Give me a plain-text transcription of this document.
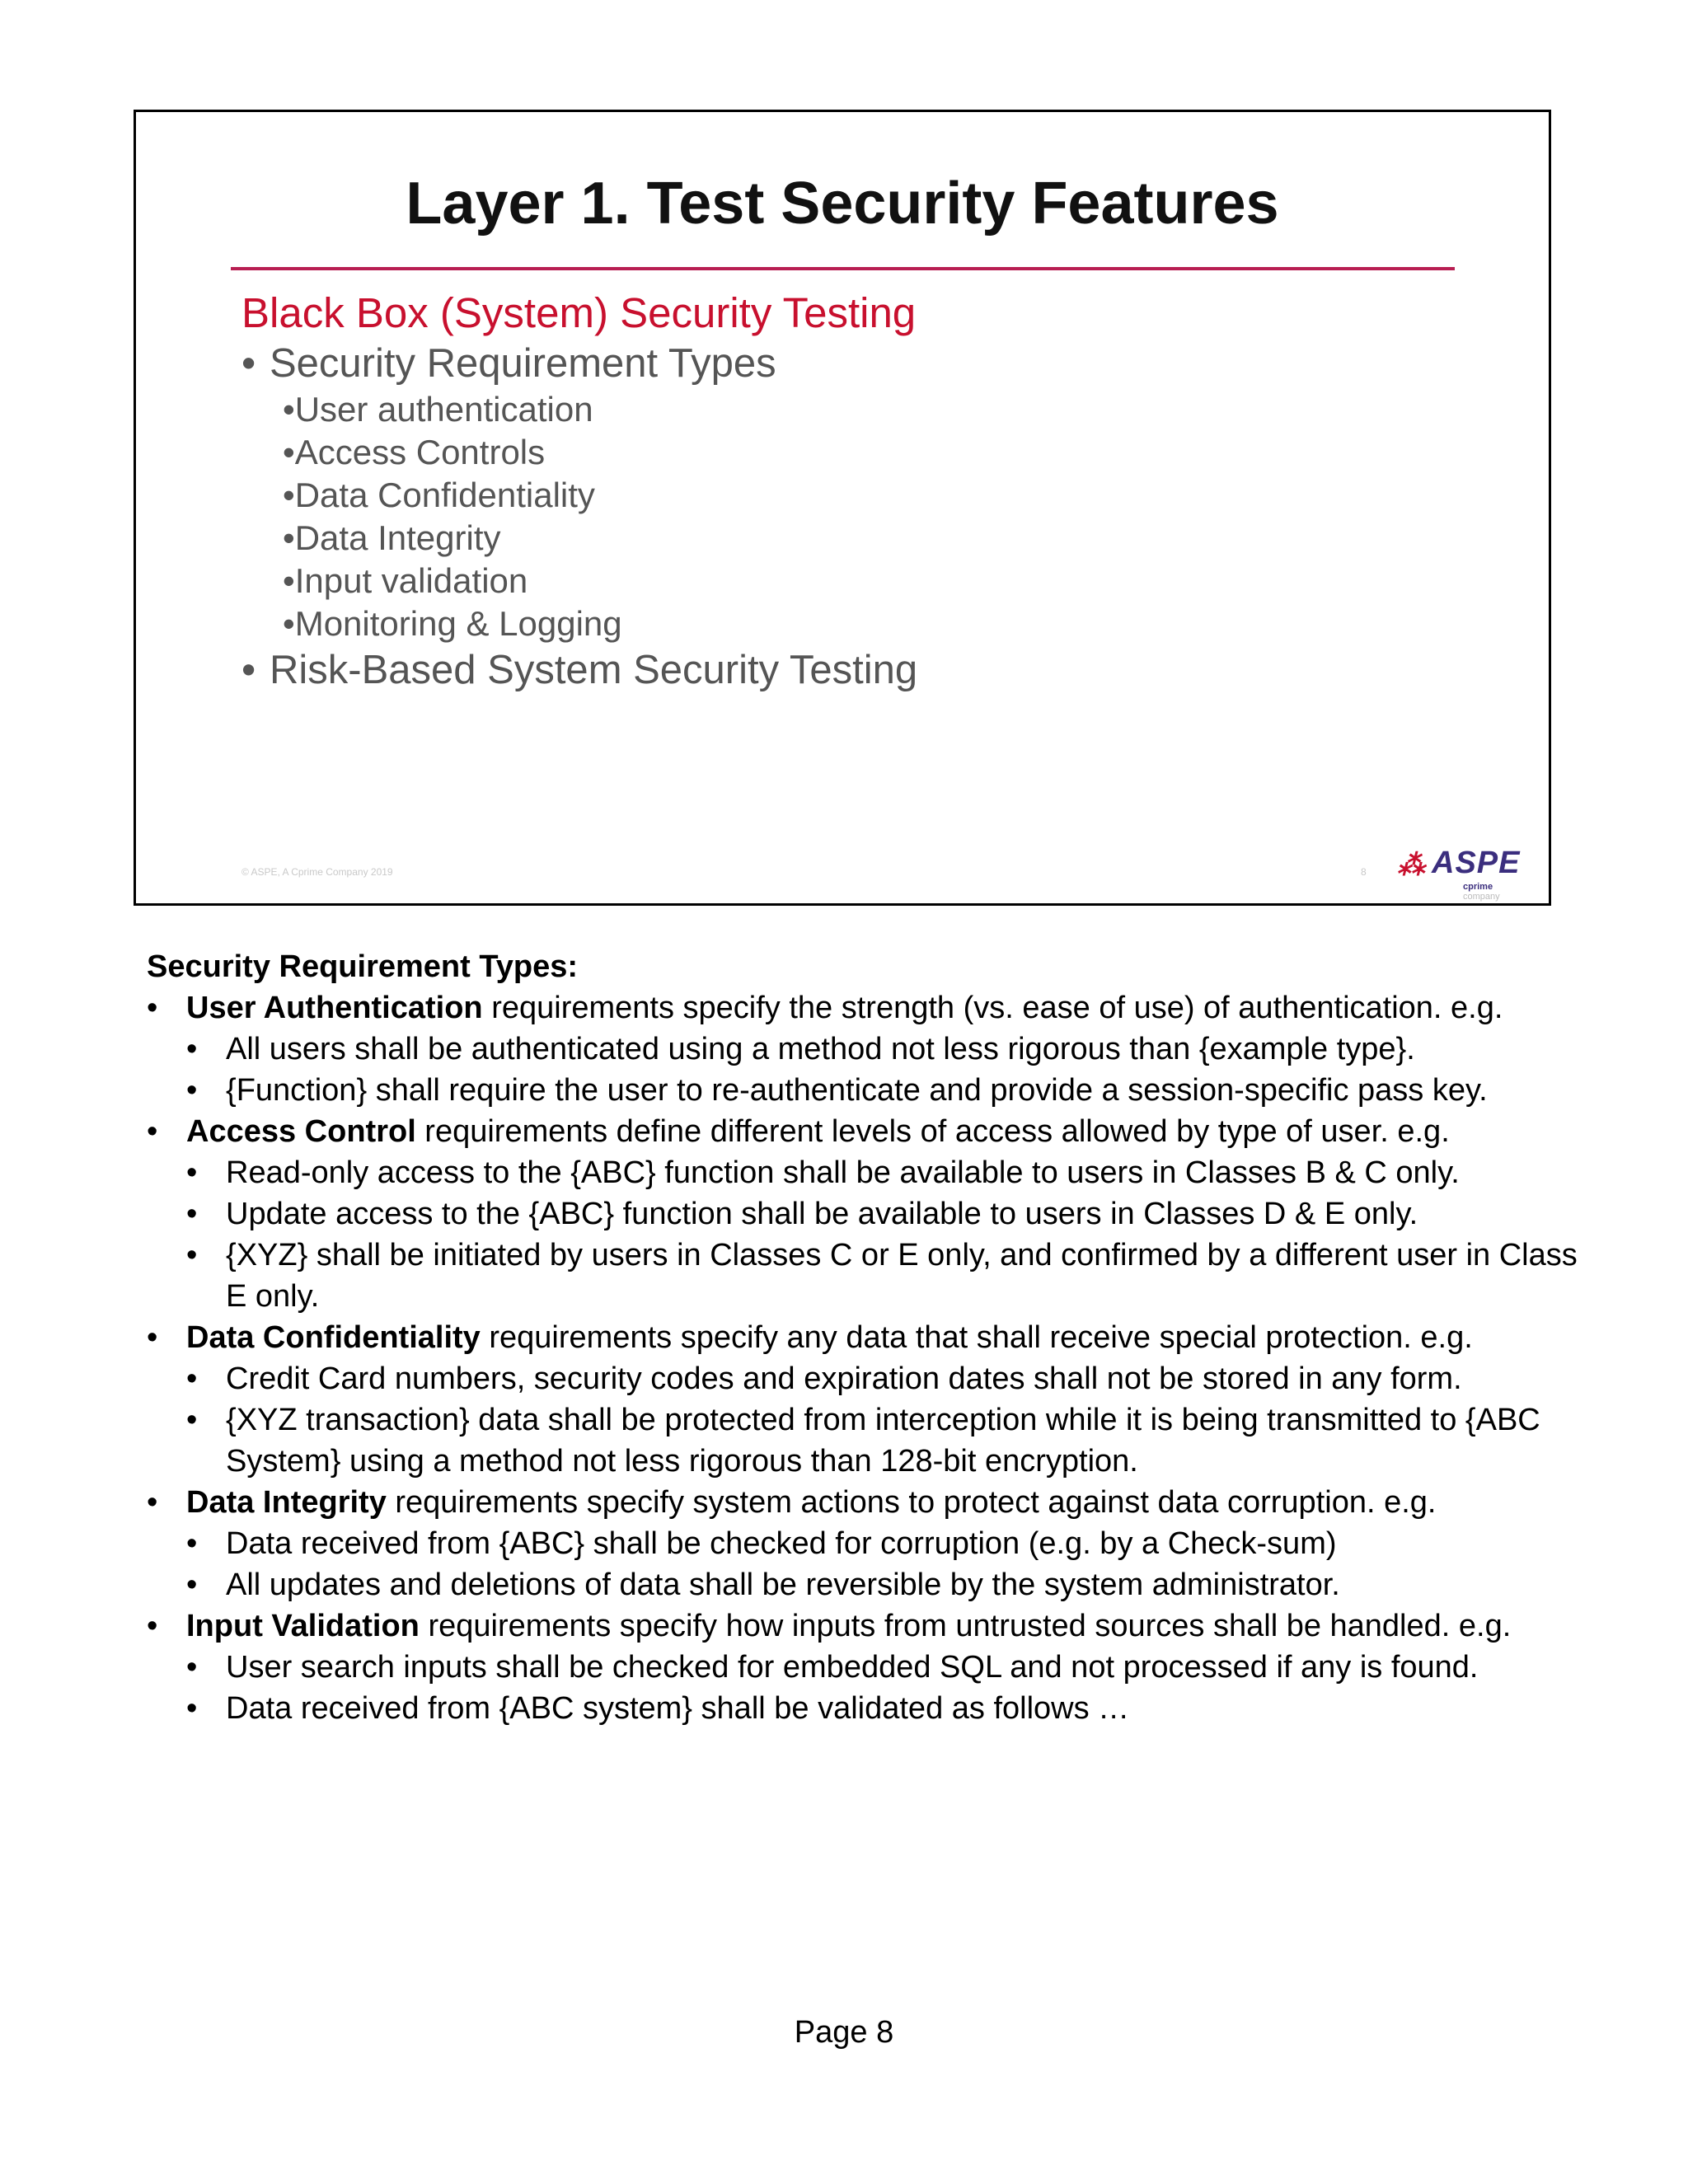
Layer 1. Test Security Features
Black Box (System) Security Testing
• Security Requirement Types
•User authentication
•Access Controls
•Data Confidentiality
•Data Integrity
•Input validation
•Monitoring & Logging
• Risk-Based System Security Testing
© ASPE, A Cprime Company 2019	8 ⁂ ASPE
cprime company
Security Requirement Types:
• User Authentication requirements specify the strength (vs. ease of use) of authentication. e.g.
• All users shall be authenticated using a method not less rigorous than {example type}.
• {Function} shall require the user to re-authenticate and provide a session-specific pass key.
• Access Control requirements define different levels of access allowed by type of user. e.g.
• Read-only access to the {ABC} function shall be available to users in Classes B & C only.
• Update access to the {ABC} function shall be available to users in Classes D & E only.
• {XYZ} shall be initiated by users in Classes C or E only, and confirmed by a different user in Class E only.
• Data Confidentiality requirements specify any data that shall receive special protection. e.g.
• Credit Card numbers, security codes and expiration dates shall not be stored in any form.
• {XYZ transaction} data shall be protected from interception while it is being transmitted to {ABC System} using a method not less rigorous than 128-bit encryption.
• Data Integrity requirements specify system actions to protect against data corruption. e.g.
• Data received from {ABC} shall be checked for corruption (e.g. by a Check-sum)
• All updates and deletions of data shall be reversible by the system administrator.
• Input Validation requirements specify how inputs from untrusted sources shall be handled. e.g.
• User search inputs shall be checked for embedded SQL and not processed if any is found.
• Data received from {ABC system} shall be validated as follows …
Page 8
